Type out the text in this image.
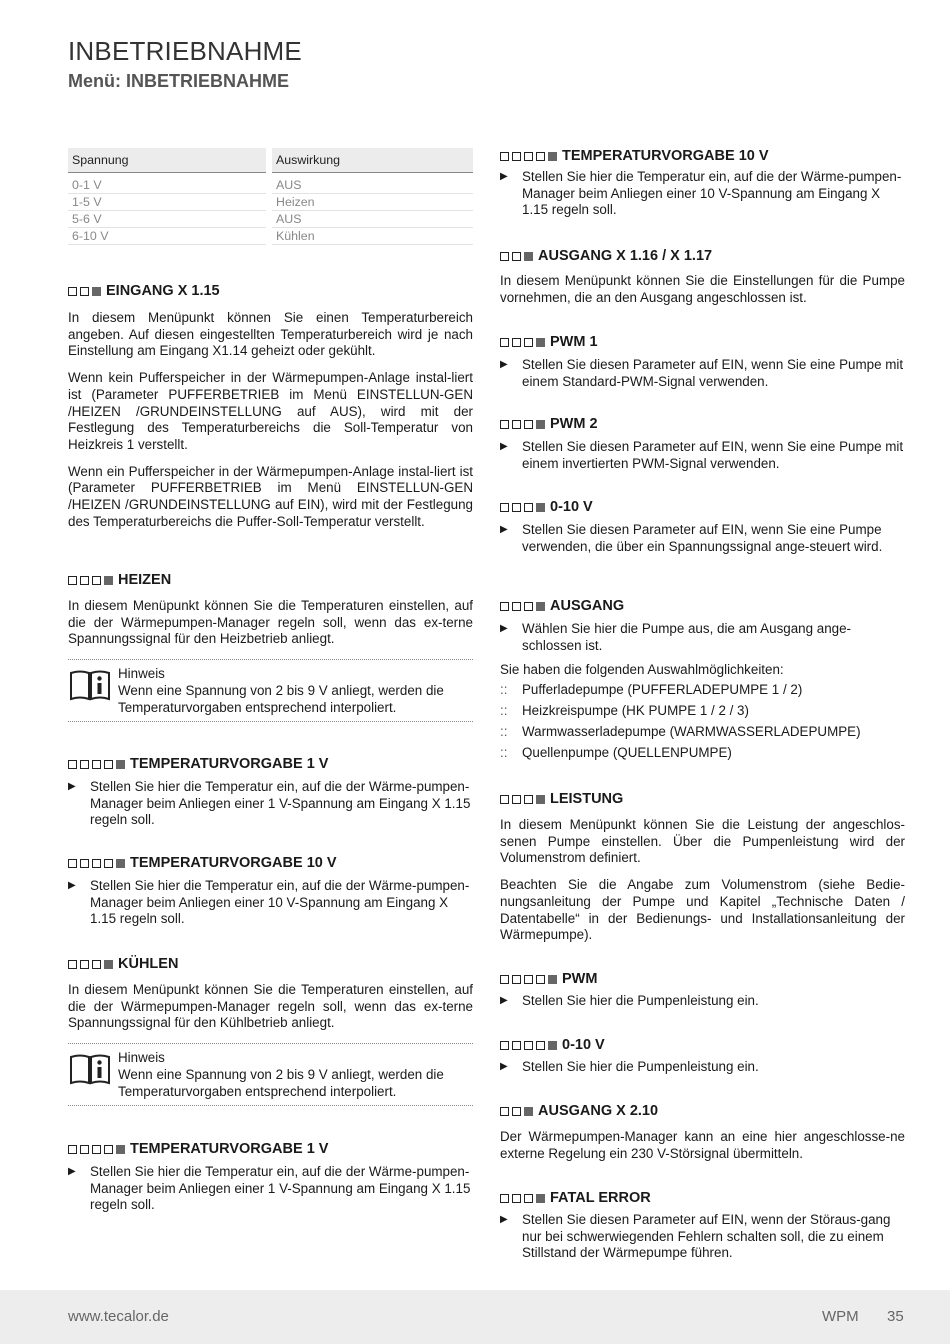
INBETRIEBNAHME
Menü: INBETRIEBNAHME
Spannung		Auswirkung
0-1 V		AUS
1-5 V		Heizen
5-6 V		AUS
6-10 V		Kühlen
EINGANG X 1.15

In diesem Menüpunkt können Sie einen Temperaturbereich angeben. Auf diesen eingestellten Temperaturbereich wird je nach Einstellung am Eingang X1.14 geheizt oder gekühlt.

Wenn kein Pufferspeicher in der Wärmepumpen-Anlage instal-liert ist (Parameter PUFFERBETRIEB im Menü EINSTELLUN-GEN /HEIZEN /GRUNDEINSTELLUNG auf AUS), wird mit der Festlegung des Temperaturbereichs die Soll-Temperatur von Heizkreis 1 verstellt.

Wenn ein Pufferspeicher in der Wärmepumpen-Anlage instal-liert ist (Parameter PUFFERBETRIEB im Menü EINSTELLUN-GEN /HEIZEN /GRUNDEINSTELLUNG auf EIN), wird mit der Festlegung des Temperaturbereichs die Puffer-Soll-Temperatur verstellt.

HEIZEN

In diesem Menüpunkt können Sie die Temperaturen einstellen, auf die der Wärmepumpen-Manager regeln soll, wenn das ex-terne Spannungssignal für den Heizbetrieb anliegt.

Hinweis
Wenn eine Spannung von 2 bis 9 V anliegt, werden die Temperaturvorgaben entsprechend interpoliert.
TEMPERATURVORGABE 1 V
▶	Stellen Sie hier die Temperatur ein, auf die der Wärme-pumpen-Manager beim Anliegen einer 1 V-Spannung am Eingang X 1.15 regeln soll.
TEMPERATURVORGABE 10 V
▶	Stellen Sie hier die Temperatur ein, auf die der Wärme-pumpen-Manager beim Anliegen einer 10 V-Spannung am Eingang X 1.15 regeln soll.
KÜHLEN

In diesem Menüpunkt können Sie die Temperaturen einstellen, auf die der Wärmepumpen-Manager regeln soll, wenn das ex-terne Spannungssignal für den Kühlbetrieb anliegt.

Hinweis
Wenn eine Spannung von 2 bis 9 V anliegt, werden die Temperaturvorgaben entsprechend interpoliert.
TEMPERATURVORGABE 1 V
▶	Stellen Sie hier die Temperatur ein, auf die der Wärme-pumpen-Manager beim Anliegen einer 1 V-Spannung am Eingang X 1.15 regeln soll.
TEMPERATURVORGABE 10 V
▶	Stellen Sie hier die Temperatur ein, auf die der Wärme-pumpen-Manager beim Anliegen einer 10 V-Spannung am Eingang X 1.15 regeln soll.
AUSGANG X 1.16 / X 1.17

In diesem Menüpunkt können Sie die Einstellungen für die Pumpe vornehmen, die an den Ausgang angeschlossen ist.

PWM 1
▶	Stellen Sie diesen Parameter auf EIN, wenn Sie eine Pumpe mit einem Standard-PWM-Signal verwenden.
PWM 2
▶	Stellen Sie diesen Parameter auf EIN, wenn Sie eine Pumpe mit einem invertierten PWM-Signal verwenden.
0-10 V
▶	Stellen Sie diesen Parameter auf EIN, wenn Sie eine Pumpe verwenden, die über ein Spannungssignal ange-steuert wird.
AUSGANG
▶	Wählen Sie hier die Pumpe aus, die am Ausgang ange-schlossen ist.

Sie haben die folgenden Auswahlmöglichkeiten:

::	Pufferladepumpe (PUFFERLADEPUMPE 1 / 2)
::	Heizkreispumpe (HK PUMPE 1 / 2 / 3)
::	Warmwasserladepumpe (WARMWASSERLADEPUMPE)
::	Quellenpumpe (QUELLENPUMPE)
LEISTUNG

In diesem Menüpunkt können Sie die Leistung der angeschlos-senen Pumpe einstellen. Über die Pumpenleistung wird der Volumenstrom definiert.

Beachten Sie die Angabe zum Volumenstrom (siehe Bedie-nungsanleitung der Pumpe und Kapitel „Technische Daten / Datentabelle“ in der Bedienungs- und Installationsanleitung der Wärmepumpe).

PWM
▶	Stellen Sie hier die Pumpenleistung ein.
0-10 V
▶	Stellen Sie hier die Pumpenleistung ein.
AUSGANG X 2.10

Der Wärmepumpen-Manager kann an eine hier angeschlosse-ne externe Regelung ein 230 V-Störsignal übermitteln.

FATAL ERROR
▶	Stellen Sie diesen Parameter auf EIN, wenn der Störaus-gang nur bei schwerwiegenden Fehlern schalten soll, die zu einem Stillstand der Wärmepumpe führen.
www.tecalor.de	WPM 35
